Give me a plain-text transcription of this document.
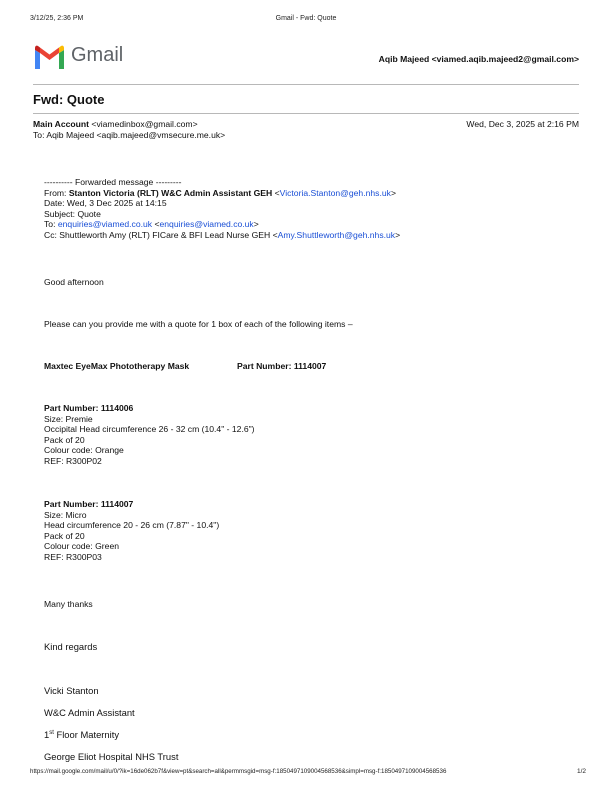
3/12/25, 2:36 PM	Gmail - Fwd: Quote
Gmail	Aqib Majeed <viamed.aqib.majeed2@gmail.com>
Fwd: Quote
Main Account <viamedinbox@gmail.com>	Wed, Dec 3, 2025 at 2:16 PM
To: Aqib Majeed <aqib.majeed@vmsecure.me.uk>
---------- Forwarded message ---------
From: Stanton Victoria (RLT) W&C Admin Assistant GEH <Victoria.Stanton@geh.nhs.uk>
Date: Wed, 3 Dec 2025 at 14:15
Subject: Quote
To: enquiries@viamed.co.uk <enquiries@viamed.co.uk>
Cc: Shuttleworth Amy (RLT) FICare & BFI Lead Nurse GEH <Amy.Shuttleworth@geh.nhs.uk>
Good afternoon
Please can you provide me with a quote for 1 box of each of the following items –
Maxtec EyeMax Phototherapy Mask	Part Number: 1114007
Part Number: 1114006
Size: Premie
Occipital Head circumference 26 - 32 cm (10.4" - 12.6")
Pack of 20
Colour code: Orange
REF: R300P02
Part Number: 1114007
Size: Micro
Head circumference 20 - 26 cm (7.87" - 10.4")
Pack of 20
Colour code: Green
REF: R300P03
Many thanks
Kind regards
Vicki Stanton
W&C Admin Assistant
1st Floor Maternity
George Eliot Hospital NHS Trust
https://mail.google.com/mail/u/0/?ik=16de062b7f&view=pt&search=all&permmsgid=msg-f:1850497109004568536&simpl=msg-f:1850497109004568536	1/2
